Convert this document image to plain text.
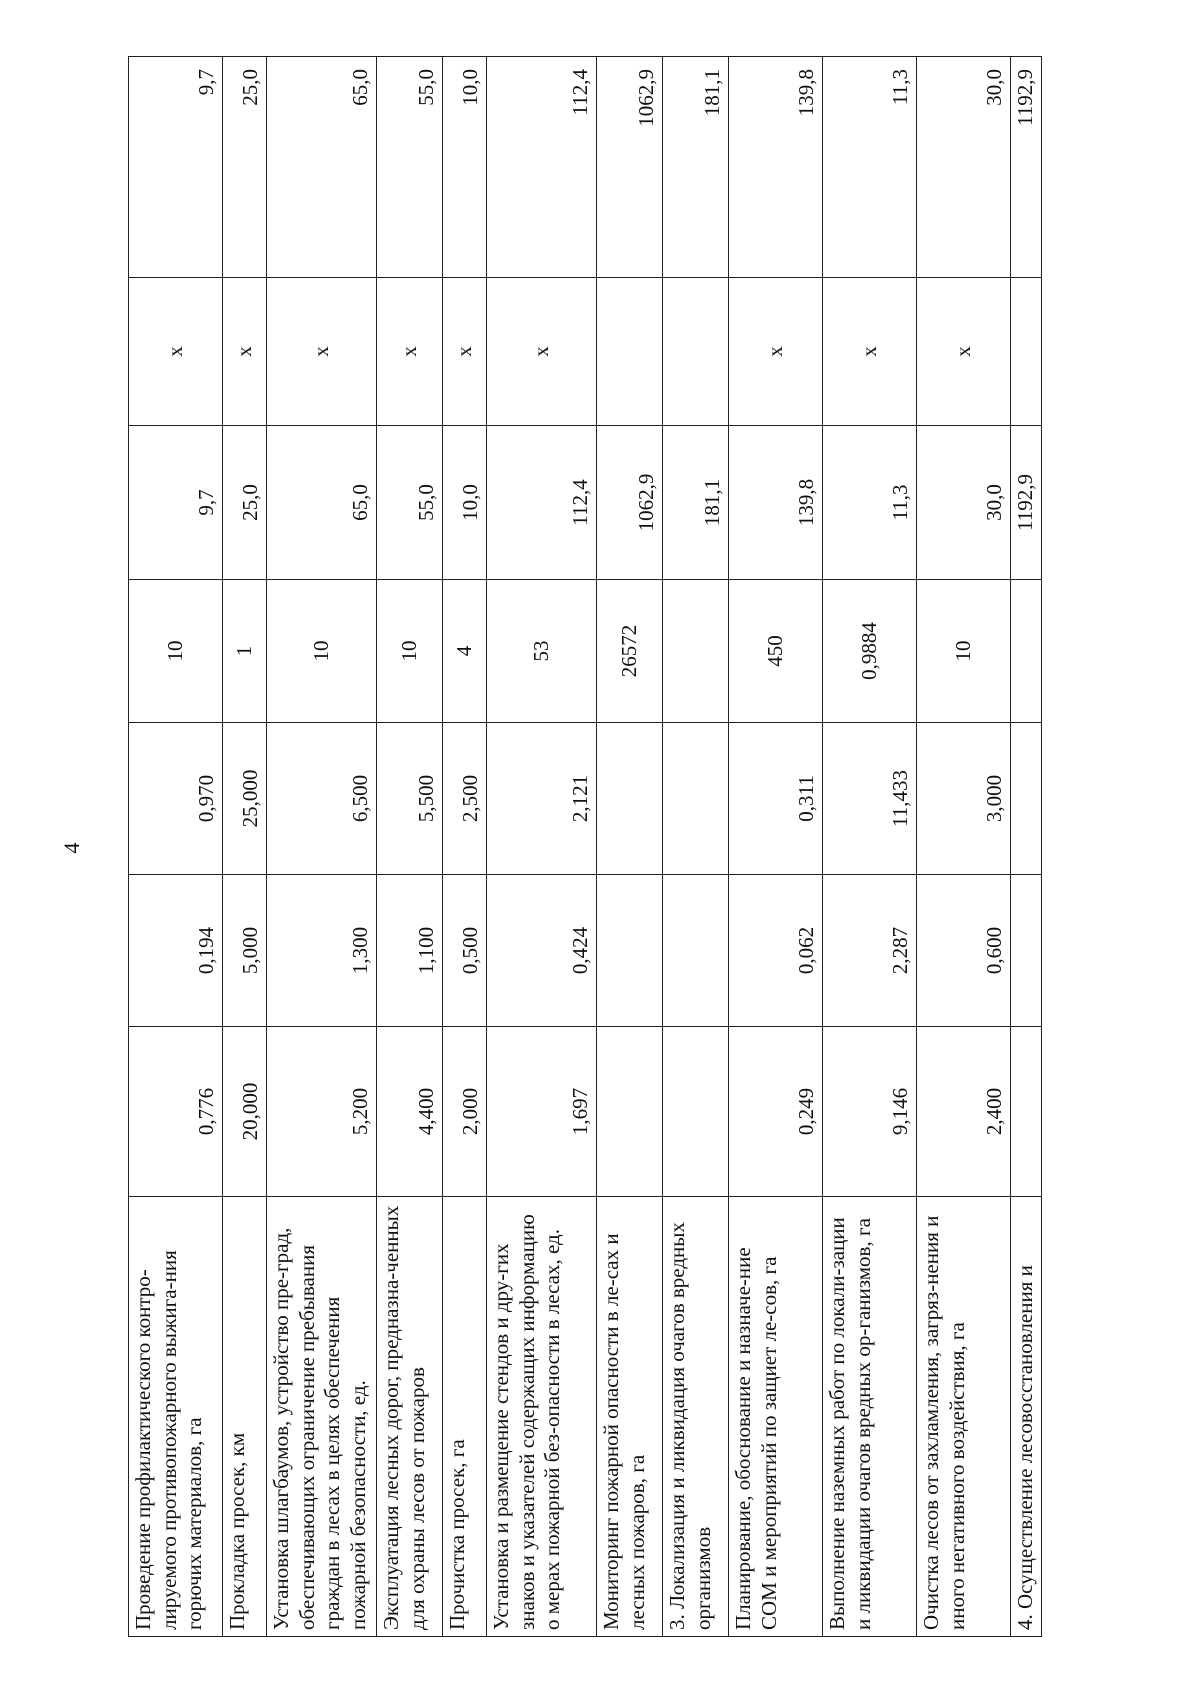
4
Проведение профилактического контро-лируемого противопожарного выжига-ния горючих материалов, га	0,776	0,194	0,970	10	9,7	x	9,7
Прокладка просек, км	20,000	5,000	25,000	1	25,0	x	25,0
Установка шлагбаумов, устройство пре-град, обеспечивающих ограничение пребывания граждан в лесах в целях обеспечения пожарной безопасности, ед.	5,200	1,300	6,500	10	65,0	x	65,0
Эксплуатация лесных дорог, предназна-ченных для охраны лесов от пожаров	4,400	1,100	5,500	10	55,0	x	55,0
Прочистка просек, га	2,000	0,500	2,500	4	10,0	x	10,0
Установка и размещение стендов и дру-гих знаков и указателей содержащих информацию о мерах пожарной без-опасности в лесах, ед.	1,697	0,424	2,121	53	112,4	x	112,4
Мониторинг пожарной опасности в ле-сах и лесных пожаров, га				26572	1062,9		1062,9
3. Локализация и ликвидация очагов вредных организмов					181,1		181,1
Планирование, обоснование и назначе-ние СОМ и мероприятий по защиет ле-сов, га	0,249	0,062	0,311	450	139,8	x	139,8
Выполнение наземных работ по локали-зации и ликвидации очагов вредных ор-ганизмов, га	9,146	2,287	11,433	0,9884	11,3	x	11,3
Очистка лесов от захламления, загряз-нения и иного негативного воздействия, га	2,400	0,600	3,000	10	30,0	x	30,0
4. Осуществление лесовосстановления и					1192,9		1192,9
